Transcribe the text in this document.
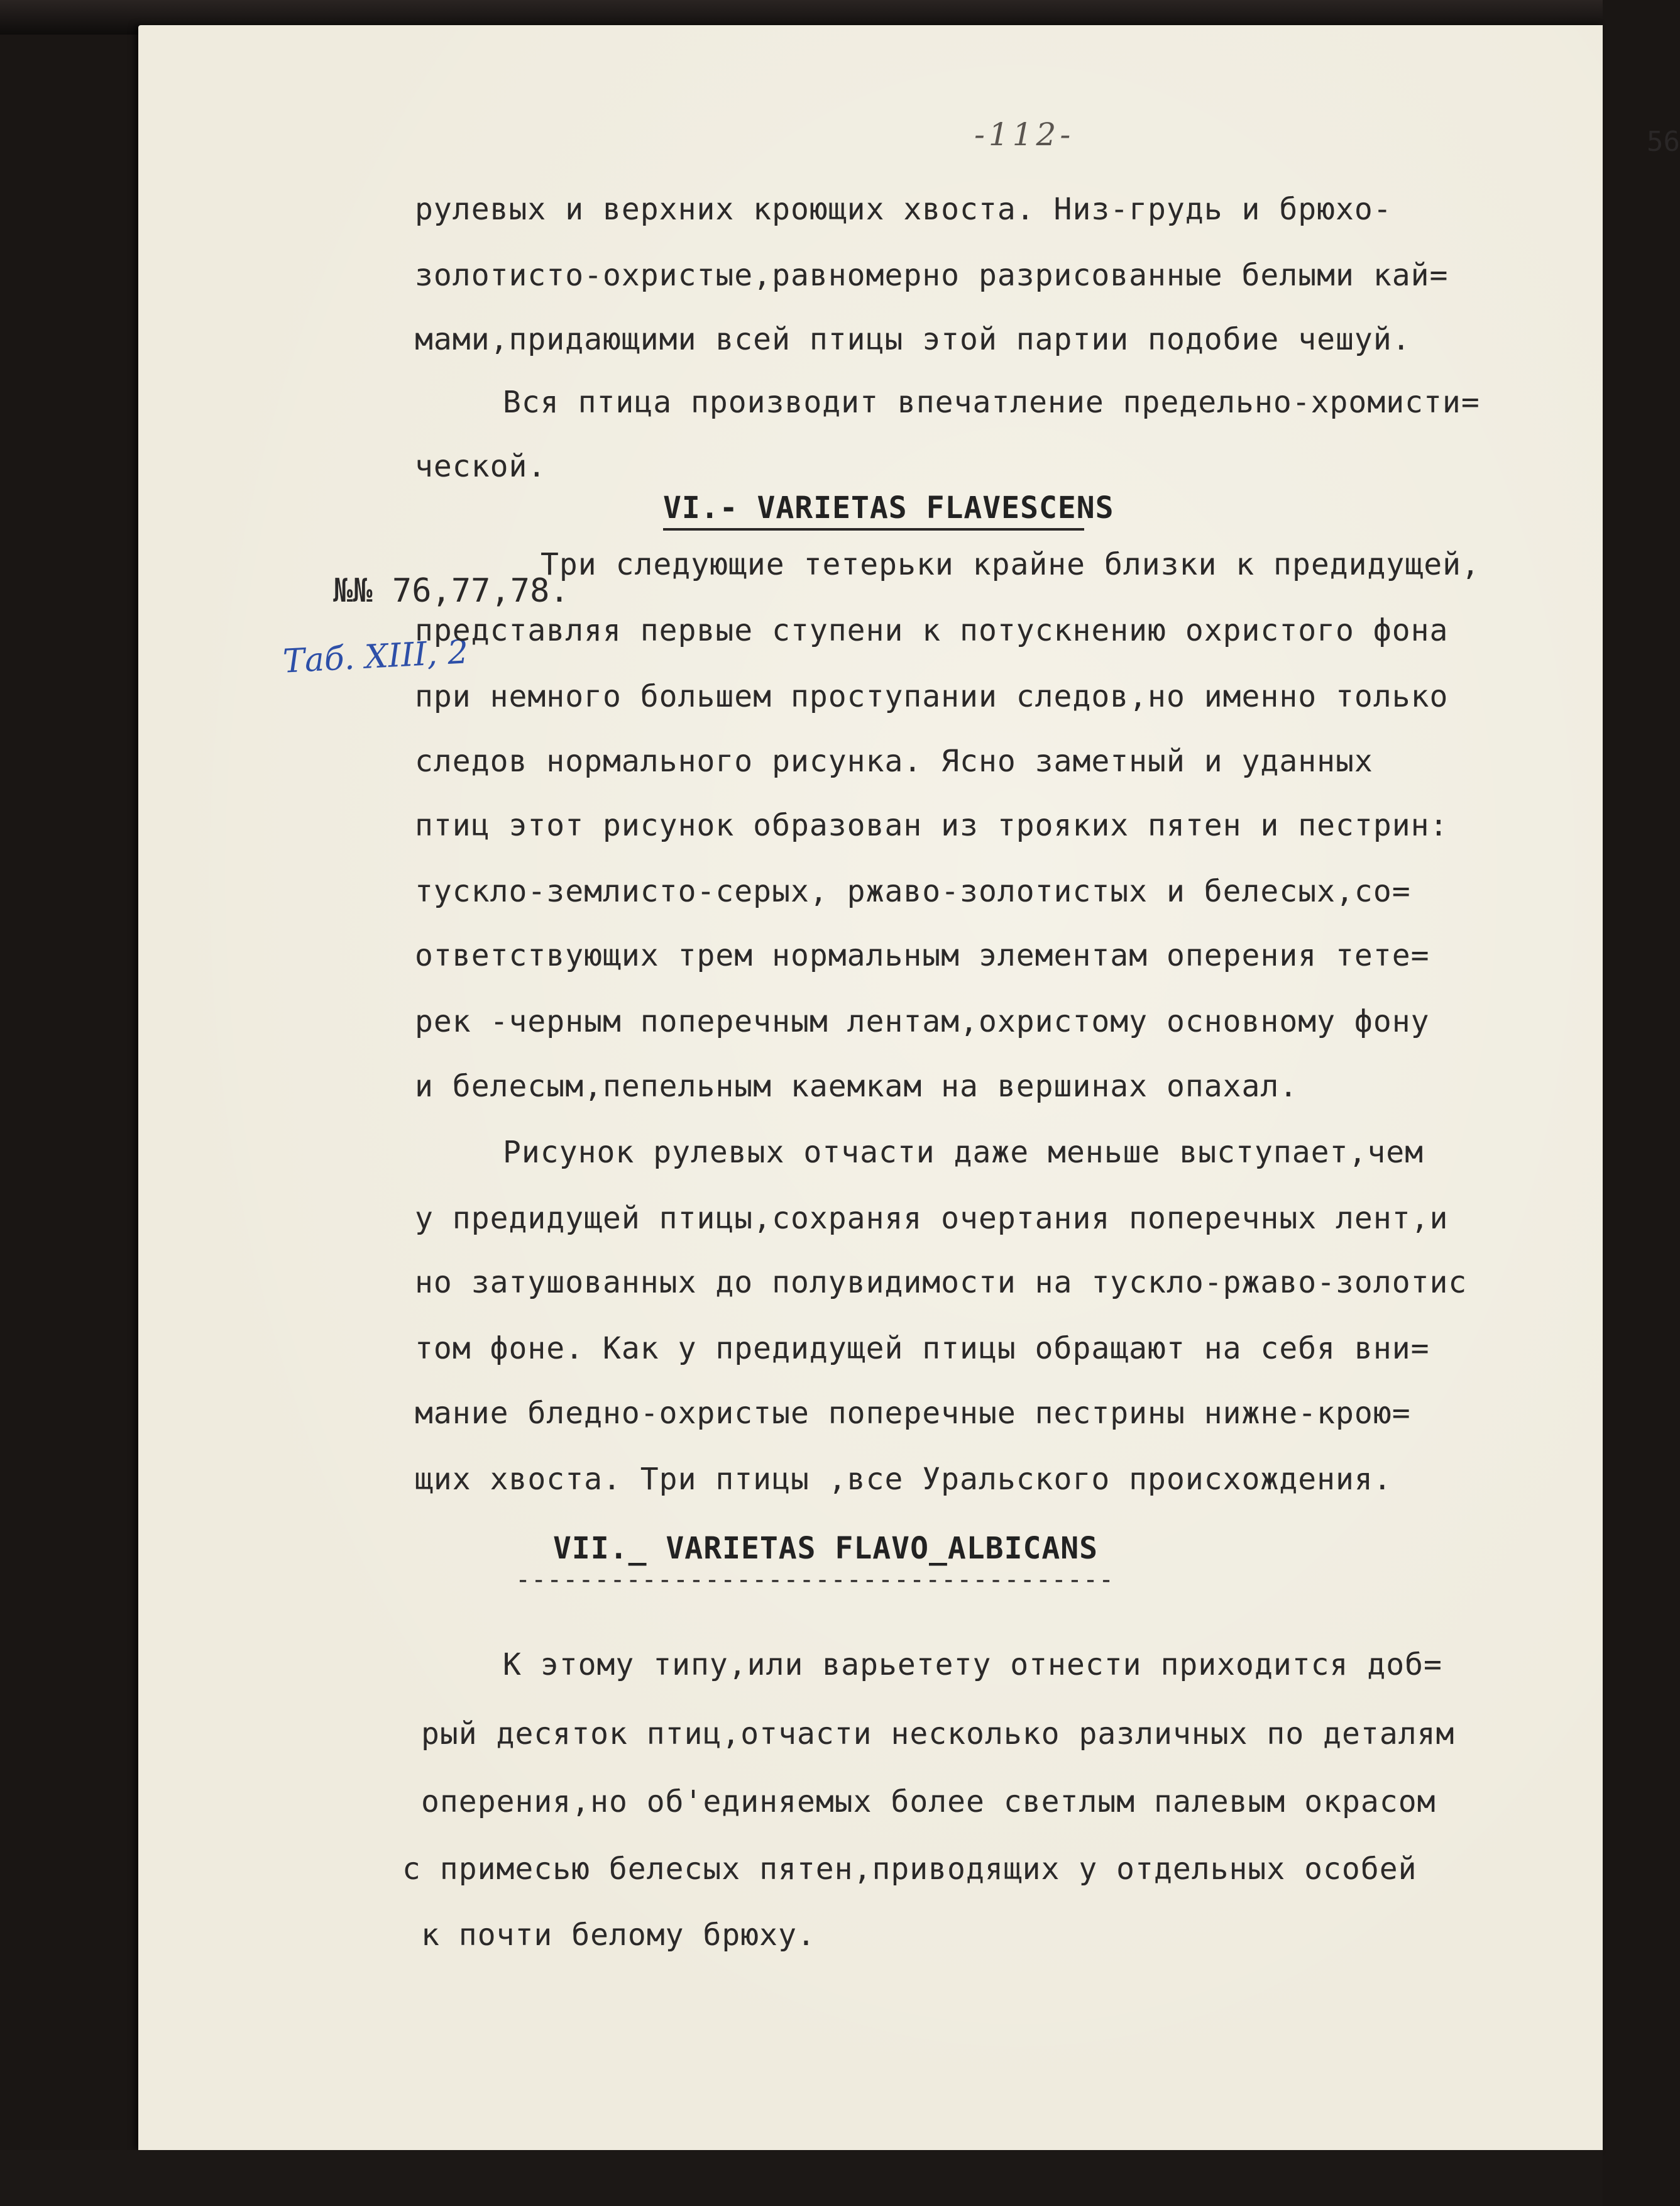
-112-	56
рулевых и верхних кроющих хвоста. Низ-грудь и брюхо-
золотисто-охристые,равномерно разрисованные белыми кай=
мами,придающими всей птицы этой партии подобие чешуй.
Вся птица производит впечатление предельно-хромисти=
ческой.
VI.- VARIETAS FLAVESCENS
№№ 76,77,78.
Таб. XIII, 2
Три следующие тетерьки крайне близки к предидущей,
представляя первые ступени к потускнению охристого фона
при немного большем проступании следов,но именно только
следов нормального рисунка. Ясно заметный и уданных
птиц этот рисунок образован из трояких пятен и пестрин:
тускло-землисто-серых, ржаво-золотистых и белесых,со=
ответствующих трем нормальным элементам оперения тете=
рек -черным поперечным лентам,охристому основному фону
и белесым,пепельным каемкам на вершинах опахал.
Рисунок рулевых отчасти даже меньше выступает,чем
у предидущей птицы,сохраняя очертания поперечных лент,и
но затушованных до полувидимости на тускло-ржаво-золотис
том фоне. Как у предидущей птицы обращают на себя вни=
мание бледно-охристые поперечные пестрины нижне-крою=
щих хвоста. Три птицы ,все Уральского происхождения.
VII._ VARIETAS FLAVO_ALBICANS
--------------------------------------
К этому типу,или варьетету отнести приходится доб=
рый десяток птиц,отчасти несколько различных по деталям
оперения,но об'единяемых более светлым палевым окрасом
с примесью белесых пятен,приводящих у отдельных особей
к почти белому брюху.
